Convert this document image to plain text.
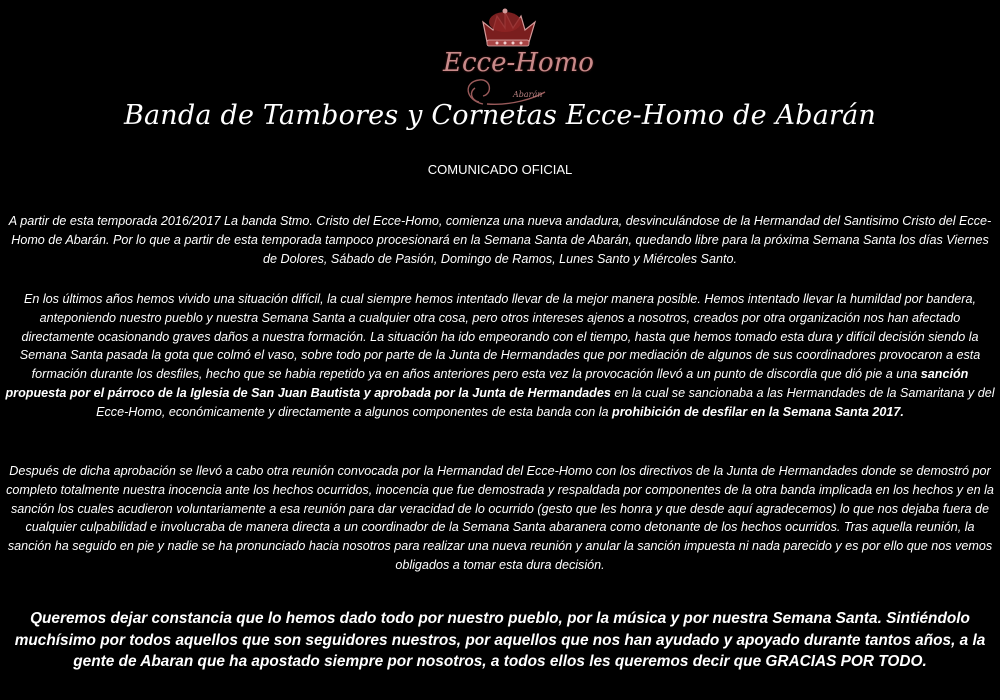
Ecce-Homo
Abarán
Banda de Tambores y Cornetas Ecce-Homo de Abarán
COMUNICADO OFICIAL
A partir de esta temporada 2016/2017 La banda Stmo. Cristo del Ecce-Homo, comienza una nueva andadura, desvinculándose de la Hermandad del Santisimo Cristo del Ecce-Homo de Abarán. Por lo que a partir de esta temporada tampoco procesionará en la Semana Santa de Abarán, quedando libre para la próxima Semana Santa los días Viernes de Dolores, Sábado de Pasión, Domingo de Ramos, Lunes Santo y Miércoles Santo.
En los últimos años hemos vivido una situación difícil, la cual siempre hemos intentado llevar de la mejor manera posible. Hemos intentado llevar la humildad por bandera, anteponiendo nuestro pueblo y nuestra Semana Santa a cualquier otra cosa, pero otros intereses ajenos a nosotros, creados por otra organización nos han afectado directamente ocasionando graves daños a nuestra formación. La situación ha ido empeorando con el tiempo, hasta que hemos tomado esta dura y difícil decisión siendo la Semana Santa pasada la gota que colmó el vaso, sobre todo por parte de la Junta de Hermandades que por mediación de algunos de sus coordinadores provocaron a esta formación durante los desfiles, hecho que se habia repetido ya en años anteriores pero esta vez la provocación llevó a un punto de discordia que dió pie a una sanción propuesta por el párroco de la Iglesia de San Juan Bautista y aprobada por la Junta de Hermandades en la cual se sancionaba a las Hermandades de la Samaritana y del Ecce-Homo, económicamente y directamente a algunos componentes de esta banda con la prohibición de desfilar en la Semana Santa 2017.
Después de dicha aprobación se llevó a cabo otra reunión convocada por la Hermandad del Ecce-Homo con los directivos de la Junta de Hermandades donde se demostró por completo totalmente nuestra inocencia ante los hechos ocurridos, inocencia que fue demostrada y respaldada por componentes de la otra banda implicada en los hechos y en la sanción los cuales acudieron voluntariamente a esa reunión para dar veracidad de lo ocurrido (gesto que les honra y que desde aquí agradecemos) lo que nos dejaba fuera de cualquier culpabilidad e involucraba de manera directa a un coordinador de la Semana Santa abaranera como detonante de los hechos ocurridos. Tras aquella reunión, la sanción ha seguido en pie y nadie se ha pronunciado hacia nosotros para realizar una nueva reunión y anular la sanción impuesta ni nada parecido y es por ello que nos vemos obligados a tomar esta dura decisión.
Queremos dejar constancia que lo hemos dado todo por nuestro pueblo, por la música y por nuestra Semana Santa. Sintiéndolo muchísimo por todos aquellos que son seguidores nuestros, por aquellos que nos han ayudado y apoyado durante tantos años, a la gente de Abaran que ha apostado siempre por nosotros, a todos ellos les queremos decir que GRACIAS POR TODO.
